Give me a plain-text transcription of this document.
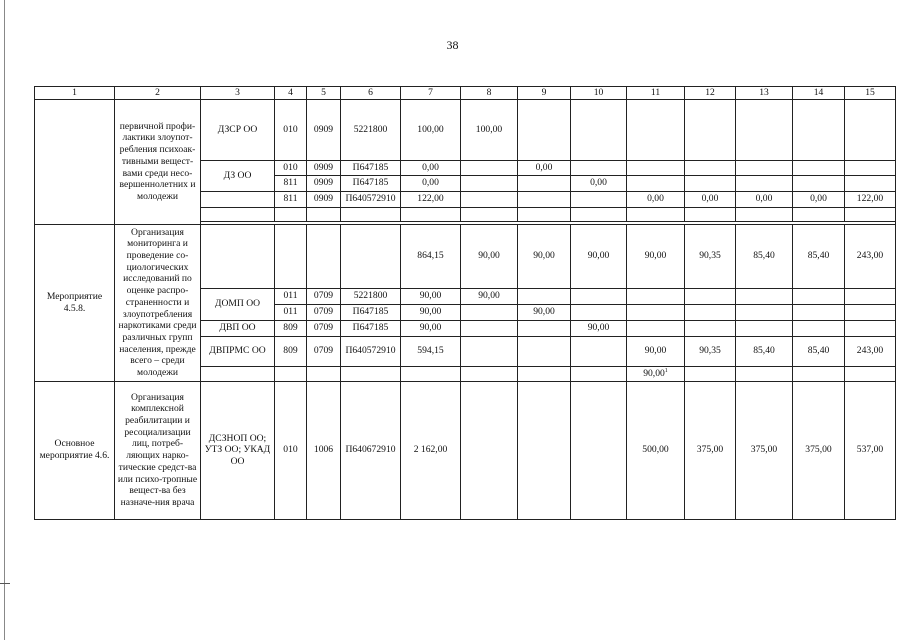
38
1	2	3	4	5	6	7	8	9	10	11	12	13	14	15
	первичной профи-лактики злоупот-ребления психоак-тивными вещест-вами среди несо-вершеннолетних и молодежи	ДЗСР ОО	010	0909	5221800	100,00	100,00							
		ДЗ ОО	010	0909	П647185	0,00		0,00						
			811	0909	П647185	0,00			0,00					
			811	0909	П640572910	122,00				0,00	0,00	0,00	0,00	122,00

Мероприятие 4.5.8.	Организация мониторинга и проведение со-циологических исследований по оценке распро-страненности и злоупотребления наркотиками среди различных групп населения, прежде всего – среди молодежи					864,15	90,00	90,00	90,00	90,00	90,35	85,40	85,40	243,00
		ДОМП ОО	011	0709	5221800	90,00	90,00							
			011	0709	П647185	90,00		90,00						
		ДВП ОО	809	0709	П647185	90,00			90,00					
		ДВПРМС ОО	809	0709	П640572910	594,15				90,00	90,35	85,40	85,40	243,00
										90,00$^1$				
Основное мероприятие 4.6.	Организация комплексной реабилитации и ресоциализации лиц, потреб-ляющих нарко-тические средст-ва или психо-тропные вещест-ва без назначе-ния врача	ДСЗНОП ОО; УТЗ ОО; УКАД ОО	010	1006	П640672910	2 162,00				500,00	375,00	375,00	375,00	537,00
